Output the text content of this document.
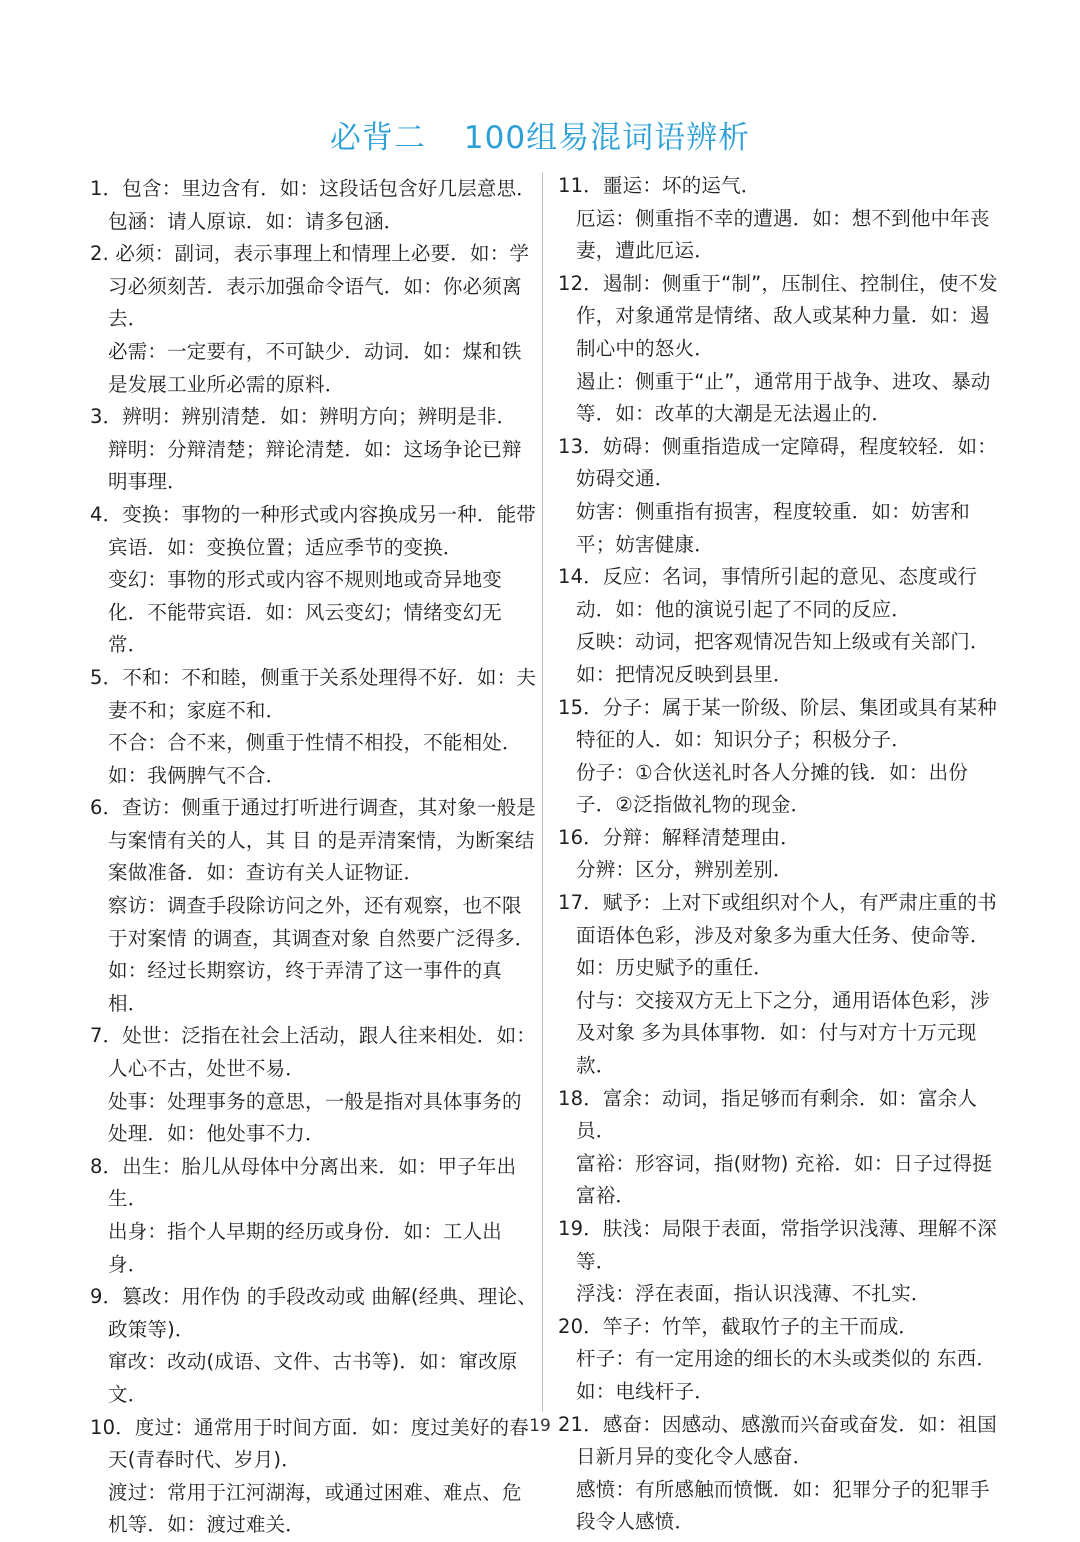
必背二 100组易混词语辨析

1．包含：里边含有．如：这段话包含好几层意思．

包涵：请人原谅．如：请多包涵．

2. 必须：副词，表示事理上和情理上必要．如：学习必须刻苦．表示加强命令语气．如：你必须离去．

必需：一定要有，不可缺少．动词．如：煤和铁是发展工业所必需的原料．

3．辨明：辨别清楚．如：辨明方向；辨明是非．

辩明：分辩清楚；辩论清楚．如：这场争论已辩明事理．

4．变换：事物的一种形式或内容换成另一种．能带宾语．如：变换位置；适应季节的变换．

变幻：事物的形式或内容不规则地或奇异地变化．不能带宾语．如：风云变幻；情绪变幻无常．

5．不和：不和睦，侧重于关系处理得不好．如：夫妻不和；家庭不和．

不合：合不来，侧重于性情不相投，不能相处．如：我俩脾气不合．

6．查访：侧重于通过打听进行调查，其对象一般是与案情有关的人，其 目 的是弄清案情，为断案结案做准备．如：查访有关人证物证．

察访：调查手段除访问之外，还有观察，也不限于对案情 的调查，其调查对象 自然要广泛得多．如：经过长期察访，终于弄清了这一事件的真相．

7．处世：泛指在社会上活动，跟人往来相处．如：人心不古，处世不易．

处事：处理事务的意思，一般是指对具体事务的处理．如：他处事不力．

8．出生：胎儿从母体中分离出来．如：甲子年出生．

出身：指个人早期的经历或身份．如：工人出身．

9．篡改：用作伪 的手段改动或 曲解(经典、理论、政策等)．

窜改：改动(成语、文件、古书等)．如：窜改原文．

10．度过：通常用于时间方面．如：度过美好的春天(青春时代、岁月)．

渡过：常用于江河湖海，或通过困难、难点、危机等．如：渡过难关．

11．噩运：坏的运气．

厄运：侧重指不幸的遭遇．如：想不到他中年丧妻，遭此厄运．

12．遏制：侧重于“制”，压制住、控制住，使不发作，对象通常是情绪、敌人或某种力量．如：遏制心中的怒火．

遏止：侧重于“止”，通常用于战争、进攻、暴动等．如：改革的大潮是无法遏止的．

13．妨碍：侧重指造成一定障碍，程度较轻．如：妨碍交通．

妨害：侧重指有损害，程度较重．如：妨害和平；妨害健康．

14．反应：名词，事情所引起的意见、态度或行动．如：他的演说引起了不同的反应．

反映：动词，把客观情况告知上级或有关部门．如：把情况反映到县里．

15．分子：属于某一阶级、阶层、集团或具有某种特征的人．如：知识分子；积极分子．

份子：①合伙送礼时各人分摊的钱．如：出份子．②泛指做礼物的现金．

16．分辩：解释清楚理由．

分辨：区分，辨别差别．

17．赋予：上对下或组织对个人，有严肃庄重的书面语体色彩，涉及对象多为重大任务、使命等．如：历史赋予的重任．

付与：交接双方无上下之分，通用语体色彩，涉及对象 多为具体事物．如：付与对方十万元现款．

18．富余：动词，指足够而有剩余．如：富余人员．

富裕：形容词，指(财物) 充裕．如：日子过得挺富裕．

19．肤浅：局限于表面，常指学识浅薄、理解不深等．

浮浅：浮在表面，指认识浅薄、不扎实．

20．竿子：竹竿，截取竹子的主干而成．

杆子：有一定用途的细长的木头或类似的 东西．如：电线杆子．

21．感奋：因感动、感激而兴奋或奋发．如：祖国日新月异的变化令人感奋．

感愤：有所感触而愤慨．如：犯罪分子的犯罪手段令人感愤．

19
